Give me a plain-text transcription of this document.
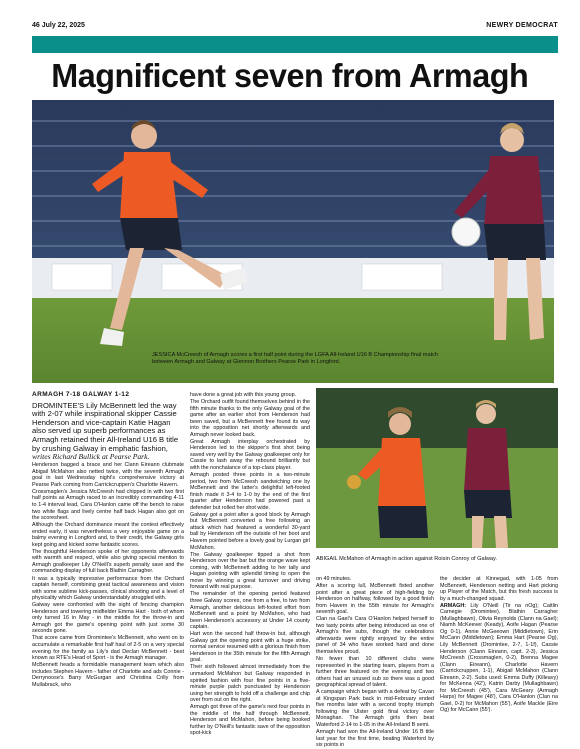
46 July 22, 2025	NEWRY DEMOCRAT
Magnificent seven from Armagh

JESSICA McCreesh of Armagh scores a first half point during the LGFA All-Ireland U16 B Championship final match between Armagh and Galway at Glennon Brothers Pearse Park in Longford.

ARMAGH 7-18 GALWAY 1-12

DROMINTEE'S Lily McBennett led the way with 2-07 while inspirational skipper Cassie Henderson and vice-captain Katie Hagan also served up superb performances as Armagh retained their All-Ireland U16 B title by crushing Galway in emphatic fashion, writes Richard Bullick at Pearse Park.

Henderson bagged a brace and her Clann Eireann clubmate Abigail McMahon also netted twice, with the seventh Armagh goal in last Wednesday night's comprehensive victory at Pearse Park coming from Carrickcruppen's Charlotte Havern.

Crossmaglen's Jessica McCreesh had chipped in with two first half points as Armagh raced to an incredibly commanding 4-11 to 1-4 interval lead, Cara O'Hanlon came off the bench to raise two white flags and lively centre half back Hagan also got on the scoresheet.

Although the Orchard dominance meant the contest effectively ended early, it was nevertheless a very enjoyable game on a balmy evening in Longford and, to their credit, the Galway girls kept going and kicked some fantastic scores.

The thoughtful Henderson spoke of her opponents afterwards with warmth and respect, while also giving special mention to Armagh goalkeeper Lily O'Neill's superb penalty save and the commanding display of full back Blathin Carragher.

It was a typically impressive performance from the Orchard captain herself, combining great tactical awareness and vision with some sublime kick-passes, clinical shooting and a level of physicality which Galway understandably struggled with.

Galway were confronted with the sight of fencing champion Henderson and towering midfielder Emma Hart - both of whom only turned 16 in May - in the middle for the throw-in and Armagh got the game's opening point with just some 30 seconds gone.

That score came from Dromintee's McBennett, who went on to accumulate a remarkable first half haul of 2-5 on a very special evening for the family as Lily's dad Declan McBennett - best known as RTE's Head of Sport - is the Armagh manager.

McBennett heads a formidable management team which also includes Stephen Havern - father of Charlotte and ads Connie - Derrynoose's Barry McGurgan and Christina Crilly from Mullabrack, who

have done a great job with this young group.

The Orchard outfit found themselves behind in the fifth minute thanks to the only Galway goal of the game after an earlier shot from Henderson had been saved, but a McBennett free found its way into the opposition net shortly afterwards and Armagh never looked back.

Great Armagh interplay orchestrated by Henderson led to the skipper's first shot being saved very well by the Galway goalkeeper only for Cassie to lash away the rebound brilliantly but with the nonchalance of a top-class player.

Armagh posted three points in a two-minute period, two from McCreesh sandwiching one by McBennett and the latter's delightful left-footed finish made it 3-4 to 1-0 by the end of the first quarter after Henderson had powered past a defender but rolled her shot wide.

Galway got a point after a good block by Armagh but McBennett converted a free following an attack which had featured a wonderful 30-yard ball by Henderson off the outside of her boot and Havern pointed before a lovely goal by Lurgan girl McMahon.

The Galway goalkeeper tipped a shot from Henderson over the bar but the orange wave kept coming, with McBennett adding to her tally and Hagan pointing with splendid timing to open the move by winning a great turnover and driving forward with real purpose.

The remainder of the opening period featured three Galway scores, one from a free, to two from Armagh, another delicious left-footed effort from McBennett and a point by McMahon, who had been Henderson's accessory at Under 14 county captain.

Hart won the second half throw-in but, although Galway got the opening point with a huge strike, normal service resumed with a glorious finish from Henderson in the 35th minute for the fifth Armagh goal.

Their sixth followed almost immediately from the unmarked McMahon but Galway responded in spirited fashion with four fine points in a five-minute purple patch punctuated by Henderson using her strength to hold off a challenge and chip over from out on the right.

Armagh got three of the game's next four points in the middle of the half through McBennett, Henderson and McMahon, before being booked further by O'Neill's fantastic save of the opposition spot-kick

ABIGAIL McMahon of Armagh in action against Roisin Conroy of Galway.

on 49 minutes.

After a scoring lull, McBennett fisted another point after a great piece of high-fielding by Henderson on halfway, followed by a good finish from Havern in the 55th minute for Armagh's seventh goal.

Clan na Gael's Cara O'Hanlon helped herself to two tasty points after being introduced as one of Armagh's five subs, though the celebrations afterwards were rightly enjoyed by the entire panel of 34 who have worked hard and done themselves proud.

No fewer than 10 different clubs were represented in the starting team, players from a further three featured on the evening and two others had an unused sub so there was a good geographical spread of talent.

A campaign which began with a defeat by Cavan at Kingspan Park back in mid-February ended five months later with a second trophy triumph following the Ulster gold final victory over Monaghan. The Armagh girls then beat Waterford 2-14 to 1-05 in the All-Ireland B semi.

Armagh had won the All-Ireland Under 16 B title last year for the first time, beating Waterford by six points in

the decider at Kinnegad, with 1-05 from McBennett, Henderson netting and Hart picking up Player of the Match, but this fresh success is by a much-changed squad.

ARMAGH: Lily O'Neill (Tir na nOg); Caitlin Carnegie (Dromintee), Blathin Carragher (Mullaghbawn), Olivia Reynolds (Clann na Gael); Niamh McKeever (Keady), Aoife Hagan (Pearse Og 0-1), Annie McGeeown (Middletown), Erin McCann (Middletown); Emma Hart (Pearse Og), Lily McBennett (Dromintee, 2-7, 1-1f), Cassie Henderson (Clann Eireann, capt. 2-3), Jessica McCreesh (Crossmaglen, 0-2), Brenna Magee (Clann Eireann), Charlotte Havern (Carrickcruppen, 1-1), Abigail McMahon (Clann Eireann, 2-2). Subs used: Emma Duffy (Killeavy) for McKenna (42'), Katrin Darby (Mullaghbawn) for McCreesh (45'), Cara McGeary (Armagh Harps) for Magee (48'), Cara O'Hanlon (Clan na Gael, 0-2) for McMahon (55'), Aoife Mackle (Eire Og) for McCann (55').
